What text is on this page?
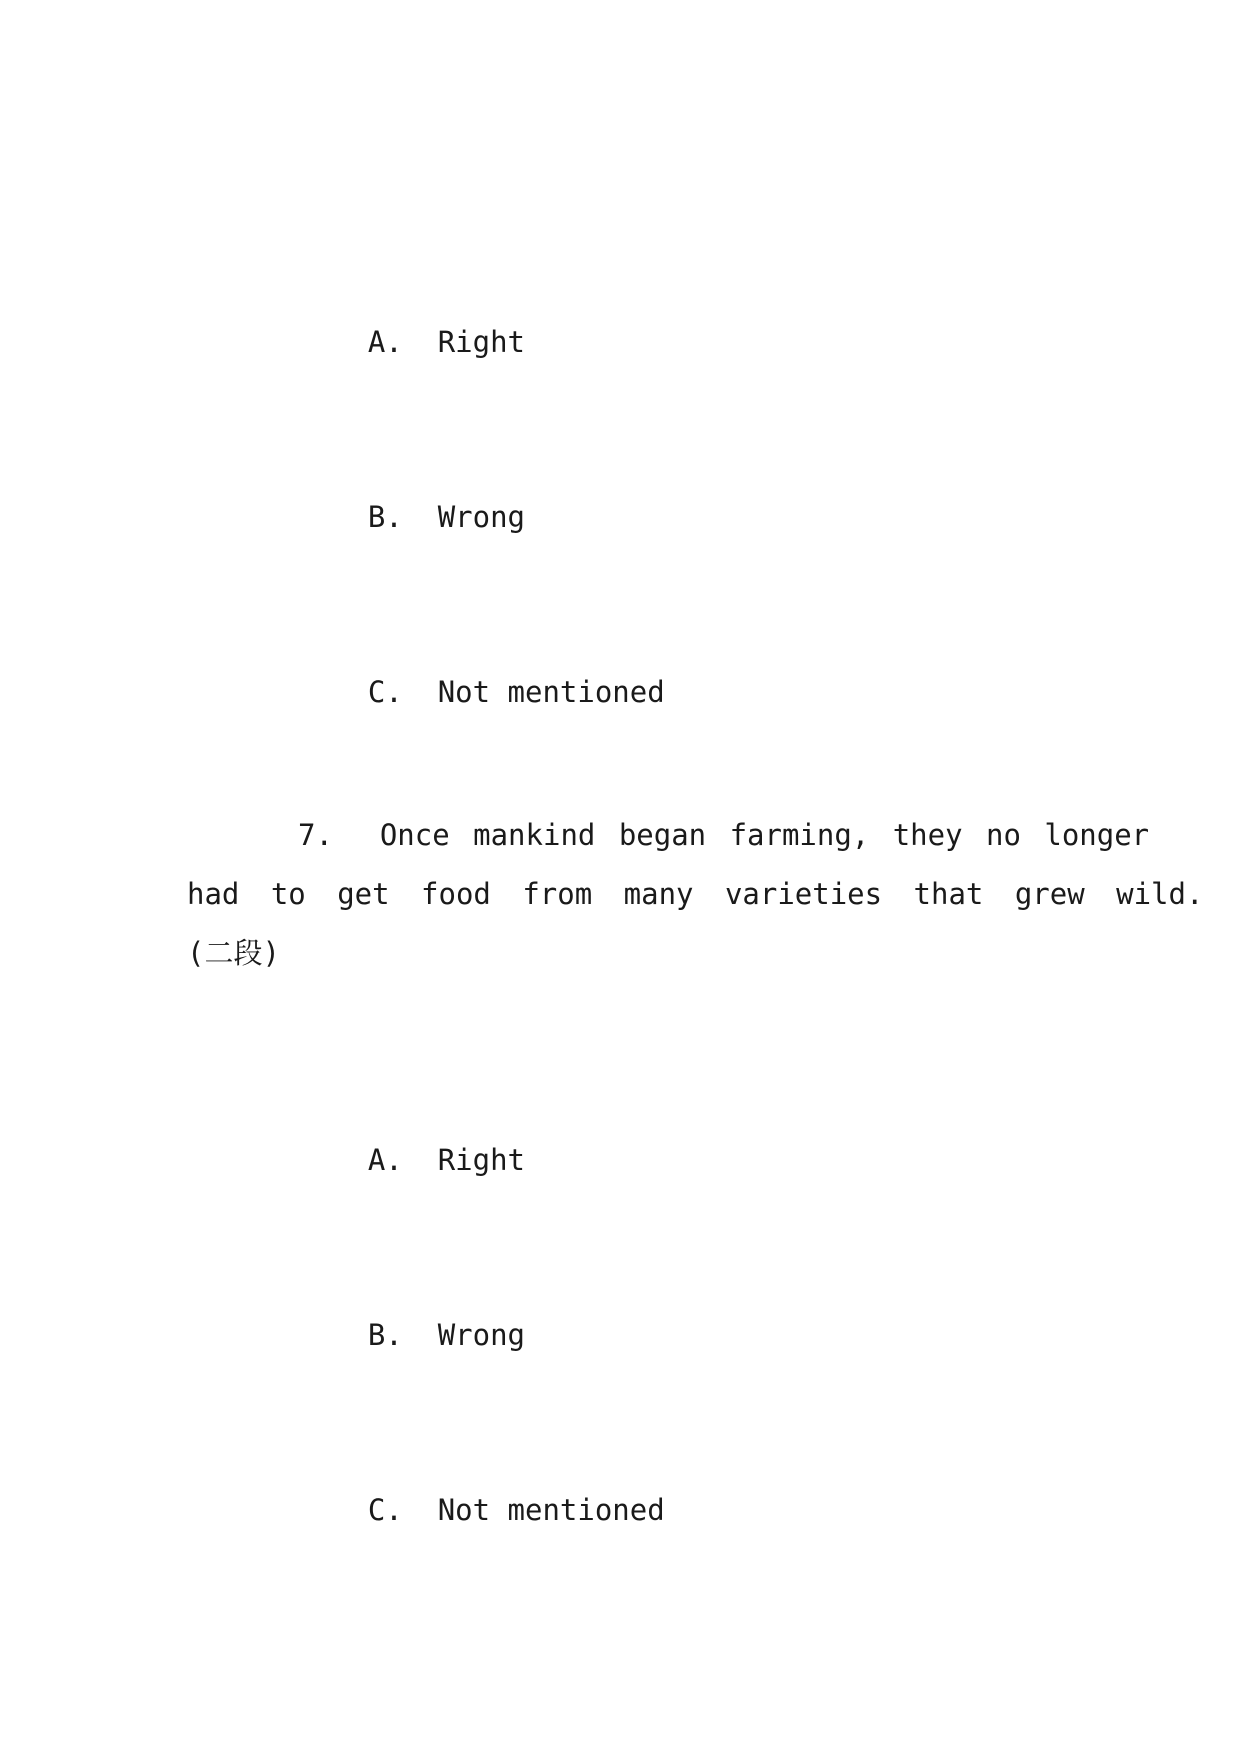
A. Right

B. Wrong

C. Not mentioned

7. Once mankind began farming, they no longer
had to get food from many varieties that grew wild.
(二段)

A. Right

B. Wrong

C. Not mentioned
